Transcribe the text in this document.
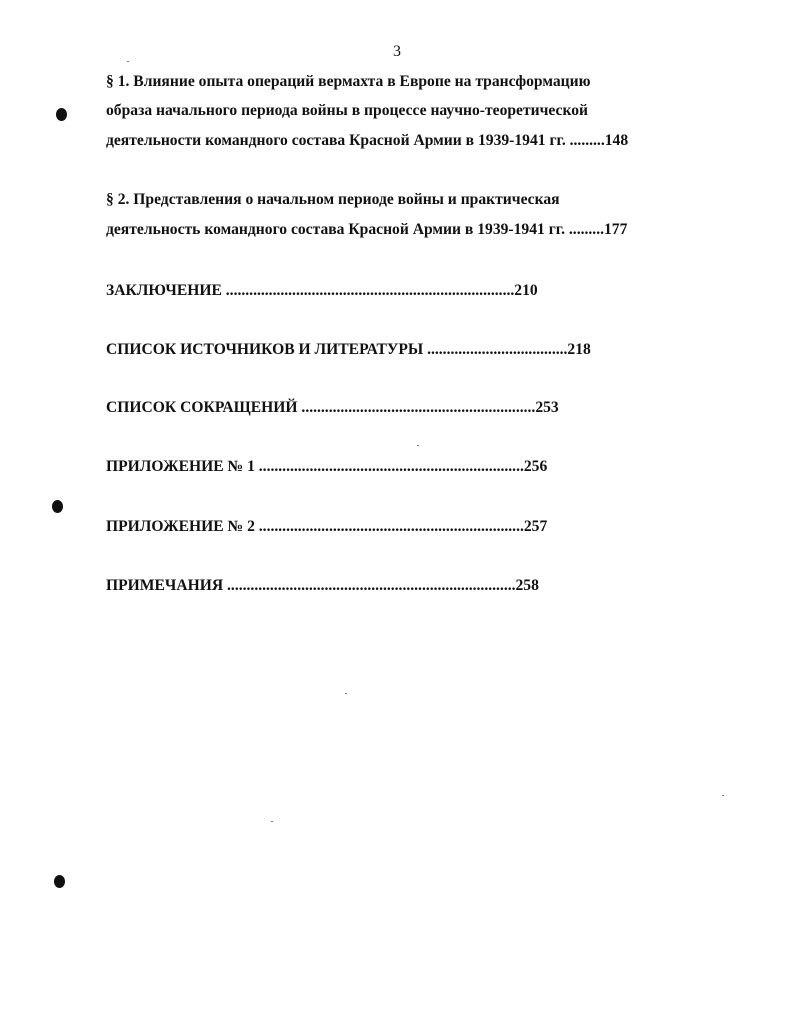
3
§ 1. Влияние опыта операций вермахта в Европе на трансформацию
образа начального периода войны в процессе научно-теоретической
деятельности командного состава Красной Армии в 1939-1941 гг. .........148
§ 2. Представления о начальном периоде войны и практическая
деятельность командного состава Красной Армии в 1939-1941 гг. .........177
ЗАКЛЮЧЕНИЕ ..........................................................................210
СПИСОК ИСТОЧНИКОВ И ЛИТЕРАТУРЫ ....................................218
СПИСОК СОКРАЩЕНИЙ ............................................................253
ПРИЛОЖЕНИЕ № 1 ....................................................................256
ПРИЛОЖЕНИЕ № 2 ....................................................................257
ПРИМЕЧАНИЯ ..........................................................................258
